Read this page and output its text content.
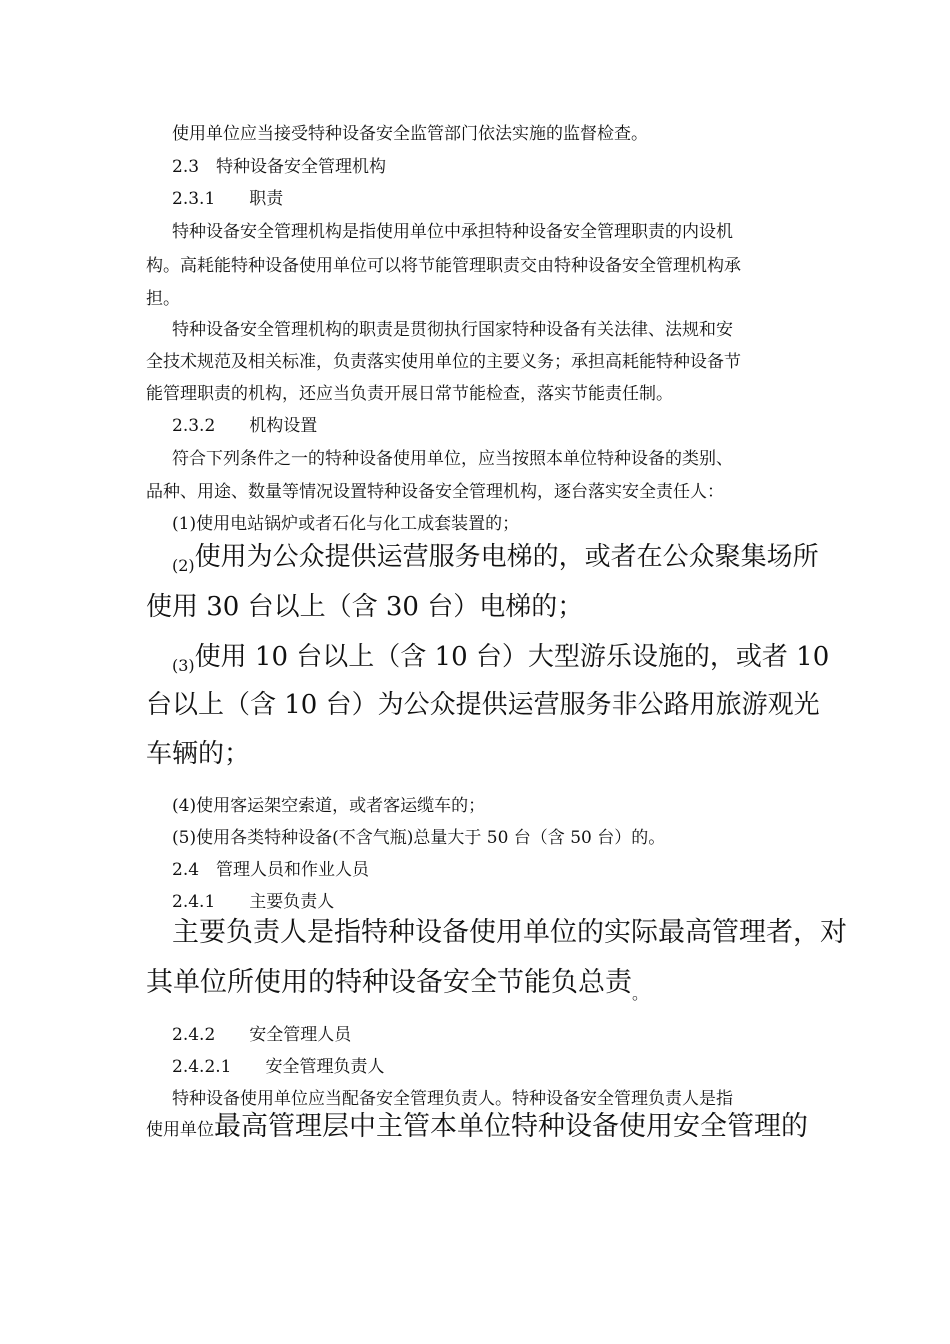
使用单位应当接受特种设备安全监管部门依法实施的监督检查。
2.3　特种设备安全管理机构
2.3.1　　职责
特种设备安全管理机构是指使用单位中承担特种设备安全管理职责的内设机
构。高耗能特种设备使用单位可以将节能管理职责交由特种设备安全管理机构承
担。
特种设备安全管理机构的职责是贯彻执行国家特种设备有关法律、法规和安
全技术规范及相关标准，负责落实使用单位的主要义务；承担高耗能特种设备节
能管理职责的机构，还应当负责开展日常节能检查，落实节能责任制。
2.3.2　　机构设置
符合下列条件之一的特种设备使用单位，应当按照本单位特种设备的类别、
品种、用途、数量等情况设置特种设备安全管理机构，逐台落实安全责任人：
(1)使用电站锅炉或者石化与化工成套装置的；
$_{(2)}$使用为公众提供运营服务电梯的，或者在公众聚集场所
使用 30 台以上（含 30 台）电梯的；
$_{(3)}$使用 10 台以上（含 10 台）大型游乐设施的，或者 10
台以上（含 10 台）为公众提供运营服务非公路用旅游观光
车辆的；
(4)使用客运架空索道，或者客运缆车的；
(5)使用各类特种设备(不含气瓶)总量大于 50 台（含 50 台）的。
2.4　管理人员和作业人员
2.4.1　　主要负责人
主要负责人是指特种设备使用单位的实际最高管理者，对
其单位所使用的特种设备安全节能负总责$_。$
2.4.2　　安全管理人员
2.4.2.1　　安全管理负责人
特种设备使用单位应当配备安全管理负责人。特种设备安全管理负责人是指
使用单位最高管理层中主管本单位特种设备使用安全管理的
